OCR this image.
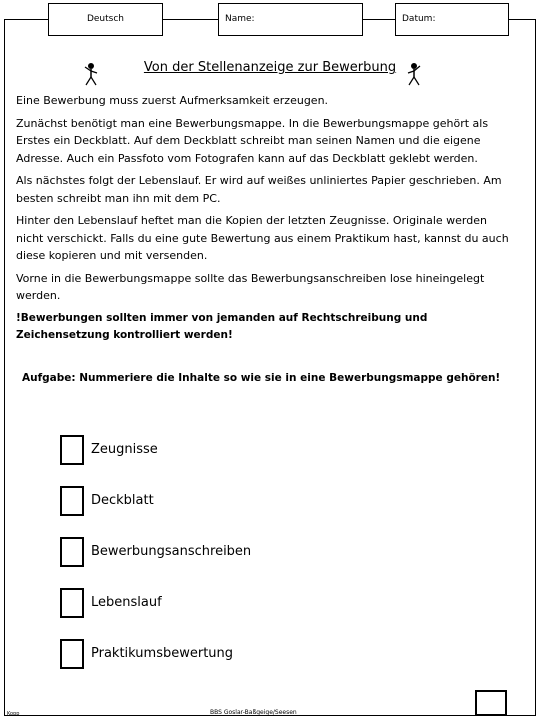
Deutsch	Name:	Datum:
Von der Stellenanzeige zur Bewerbung

Eine Bewerbung muss zuerst Aufmerksamkeit erzeugen.

Zunächst benötigt man eine Bewerbungsmappe. In die Bewerbungsmappe gehört als Erstes ein Deckblatt. Auf dem Deckblatt schreibt man seinen Namen und die eigene Adresse. Auch ein Passfoto vom Fotografen kann auf das Deckblatt geklebt werden.

Als nächstes folgt der Lebenslauf. Er wird auf weißes unliniertes Papier geschrieben. Am besten schreibt man ihn mit dem PC.

Hinter den Lebenslauf heftet man die Kopien der letzten Zeugnisse. Originale werden nicht verschickt. Falls du eine gute Bewertung aus einem Praktikum hast, kannst du auch diese kopieren und mit versenden.

Vorne in die Bewerbungsmappe sollte das Bewerbungsanschreiben lose hineingelegt werden.

!Bewerbungen sollten immer von jemanden auf Rechtschreibung und Zeichensetzung kontrolliert werden!

Aufgabe: Nummeriere die Inhalte so wie sie in eine Bewerbungsmappe gehören!
Zeugnisse
Deckblatt
Bewerbungsanschreiben
Lebenslauf
Praktikumsbewertung
Kopp	BBS Goslar-Baßgeige/Seesen
